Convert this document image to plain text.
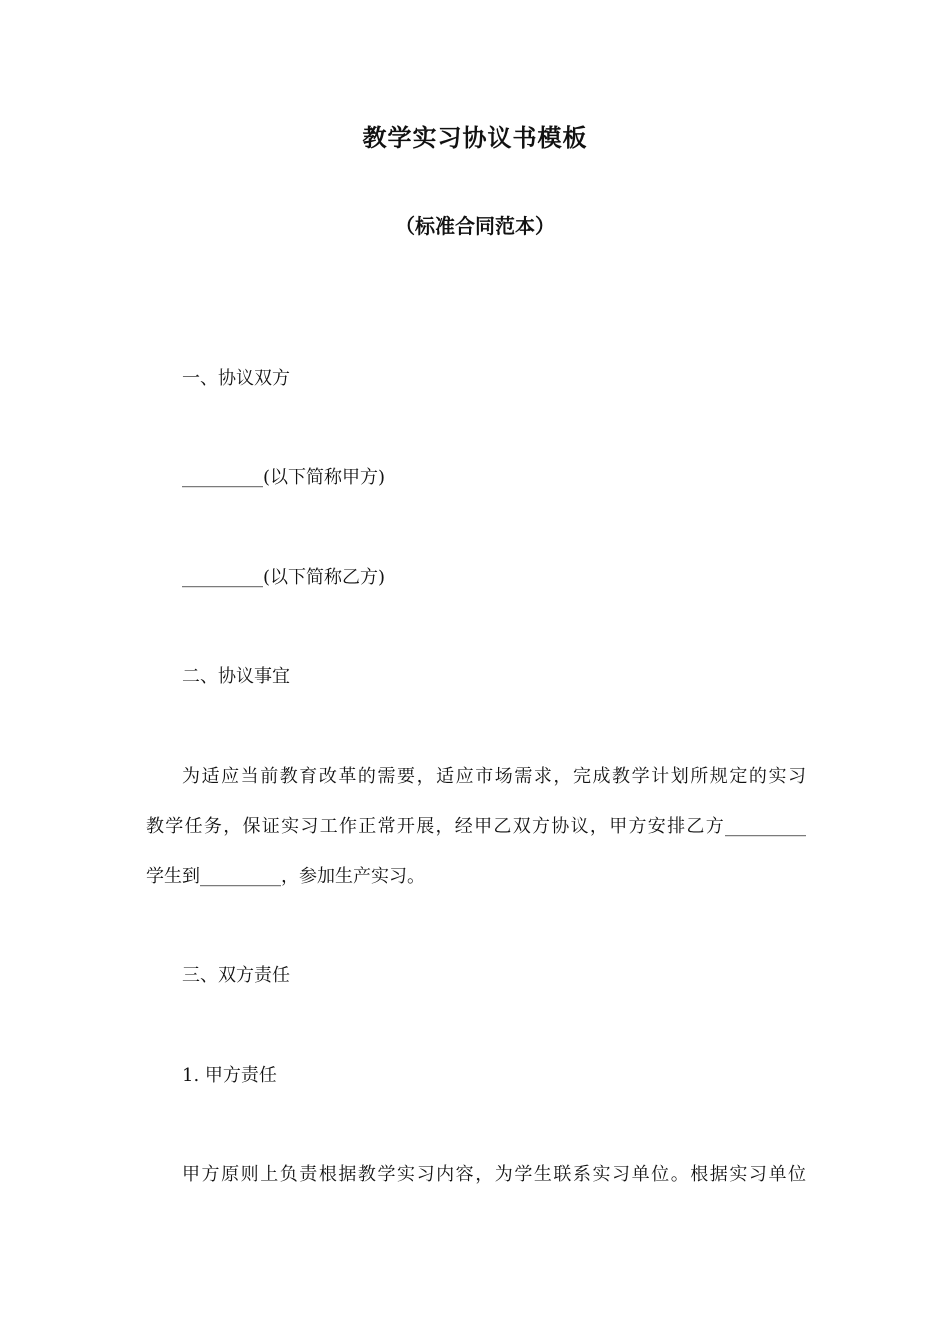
教学实习协议书模板
（标准合同范本）
一、协议双方
_________(以下简称甲方)
_________(以下简称乙方)
二、协议事宜
为适应当前教育改革的需要，适应市场需求，完成教学计划所规定的实习
教学任务，保证实习工作正常开展，经甲乙双方协议，甲方安排乙方_________
学生到_________，参加生产实习。
三、双方责任
1. 甲方责任
甲方原则上负责根据教学实习内容，为学生联系实习单位。根据实习单位
